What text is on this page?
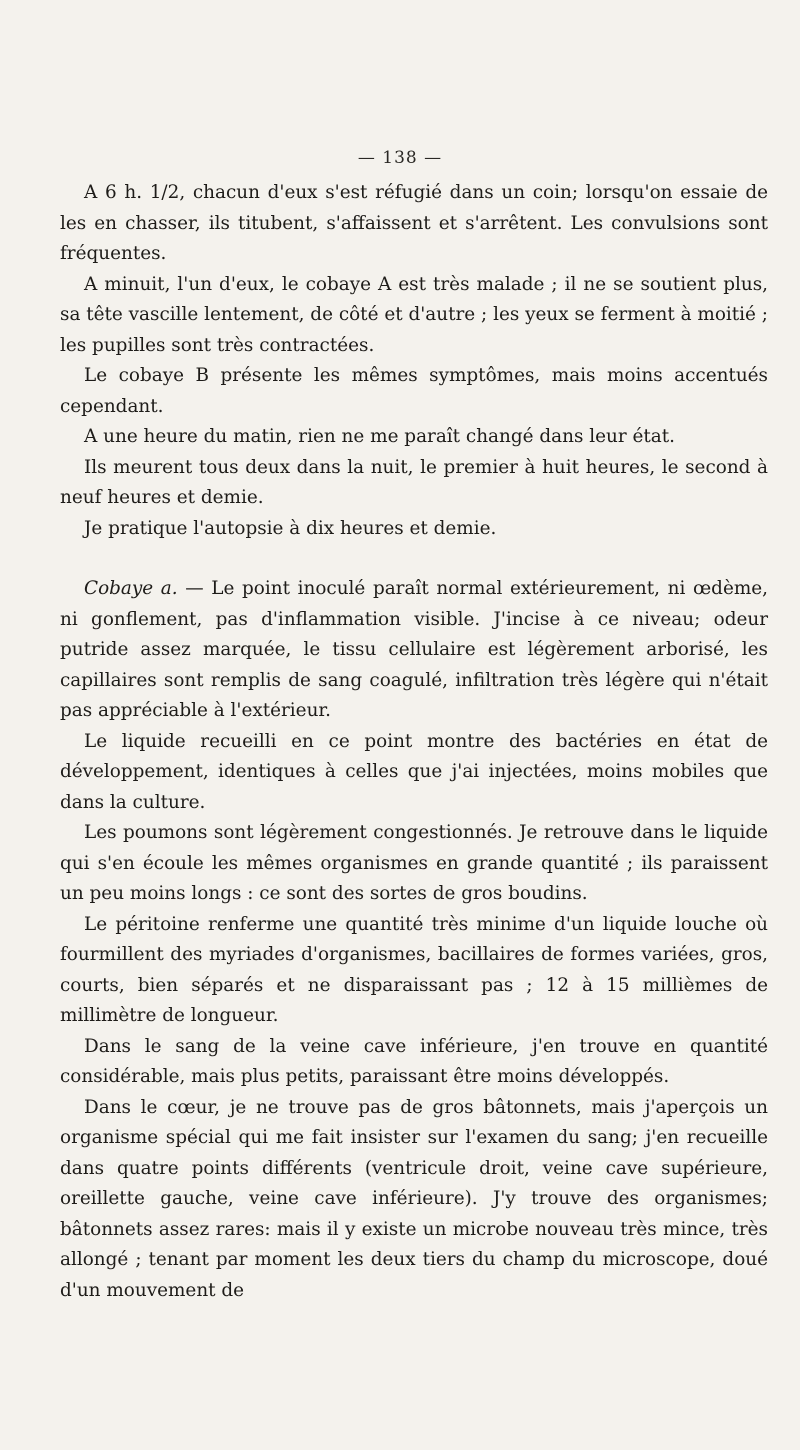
— 138 —

A 6 h. 1/2, chacun d'eux s'est réfugié dans un coin; lorsqu'on essaie de les en chasser, ils titubent, s'affaissent et s'arrêtent. Les convulsions sont fréquentes.

A minuit, l'un d'eux, le cobaye A est très malade ; il ne se soutient plus, sa tête vascille lentement, de côté et d'autre ; les yeux se ferment à moitié ; les pupilles sont très contractées.

Le cobaye B présente les mêmes symptômes, mais moins accentués cependant.

A une heure du matin, rien ne me paraît changé dans leur état.

Ils meurent tous deux dans la nuit, le premier à huit heures, le second à neuf heures et demie.

Je pratique l'autopsie à dix heures et demie.

Cobaye a. — Le point inoculé paraît normal extérieurement, ni œdème, ni gonflement, pas d'inflammation visible. J'incise à ce niveau; odeur putride assez marquée, le tissu cellulaire est légèrement arborisé, les capillaires sont remplis de sang coagulé, infiltration très légère qui n'était pas appréciable à l'extérieur.

Le liquide recueilli en ce point montre des bactéries en état de développement, identiques à celles que j'ai injectées, moins mobiles que dans la culture.

Les poumons sont légèrement congestionnés. Je retrouve dans le liquide qui s'en écoule les mêmes organismes en grande quantité ; ils paraissent un peu moins longs : ce sont des sortes de gros boudins.

Le péritoine renferme une quantité très minime d'un liquide louche où fourmillent des myriades d'organismes, bacillaires de formes variées, gros, courts, bien séparés et ne disparaissant pas ; 12 à 15 millièmes de millimètre de longueur.

Dans le sang de la veine cave inférieure, j'en trouve en quantité considérable, mais plus petits, paraissant être moins développés.

Dans le cœur, je ne trouve pas de gros bâtonnets, mais j'aperçois un organisme spécial qui me fait insister sur l'examen du sang; j'en recueille dans quatre points différents (ventricule droit, veine cave supérieure, oreillette gauche, veine cave inférieure). J'y trouve des organismes; bâtonnets assez rares: mais il y existe un microbe nouveau très mince, très allongé ; tenant par moment les deux tiers du champ du microscope, doué d'un mouvement de
